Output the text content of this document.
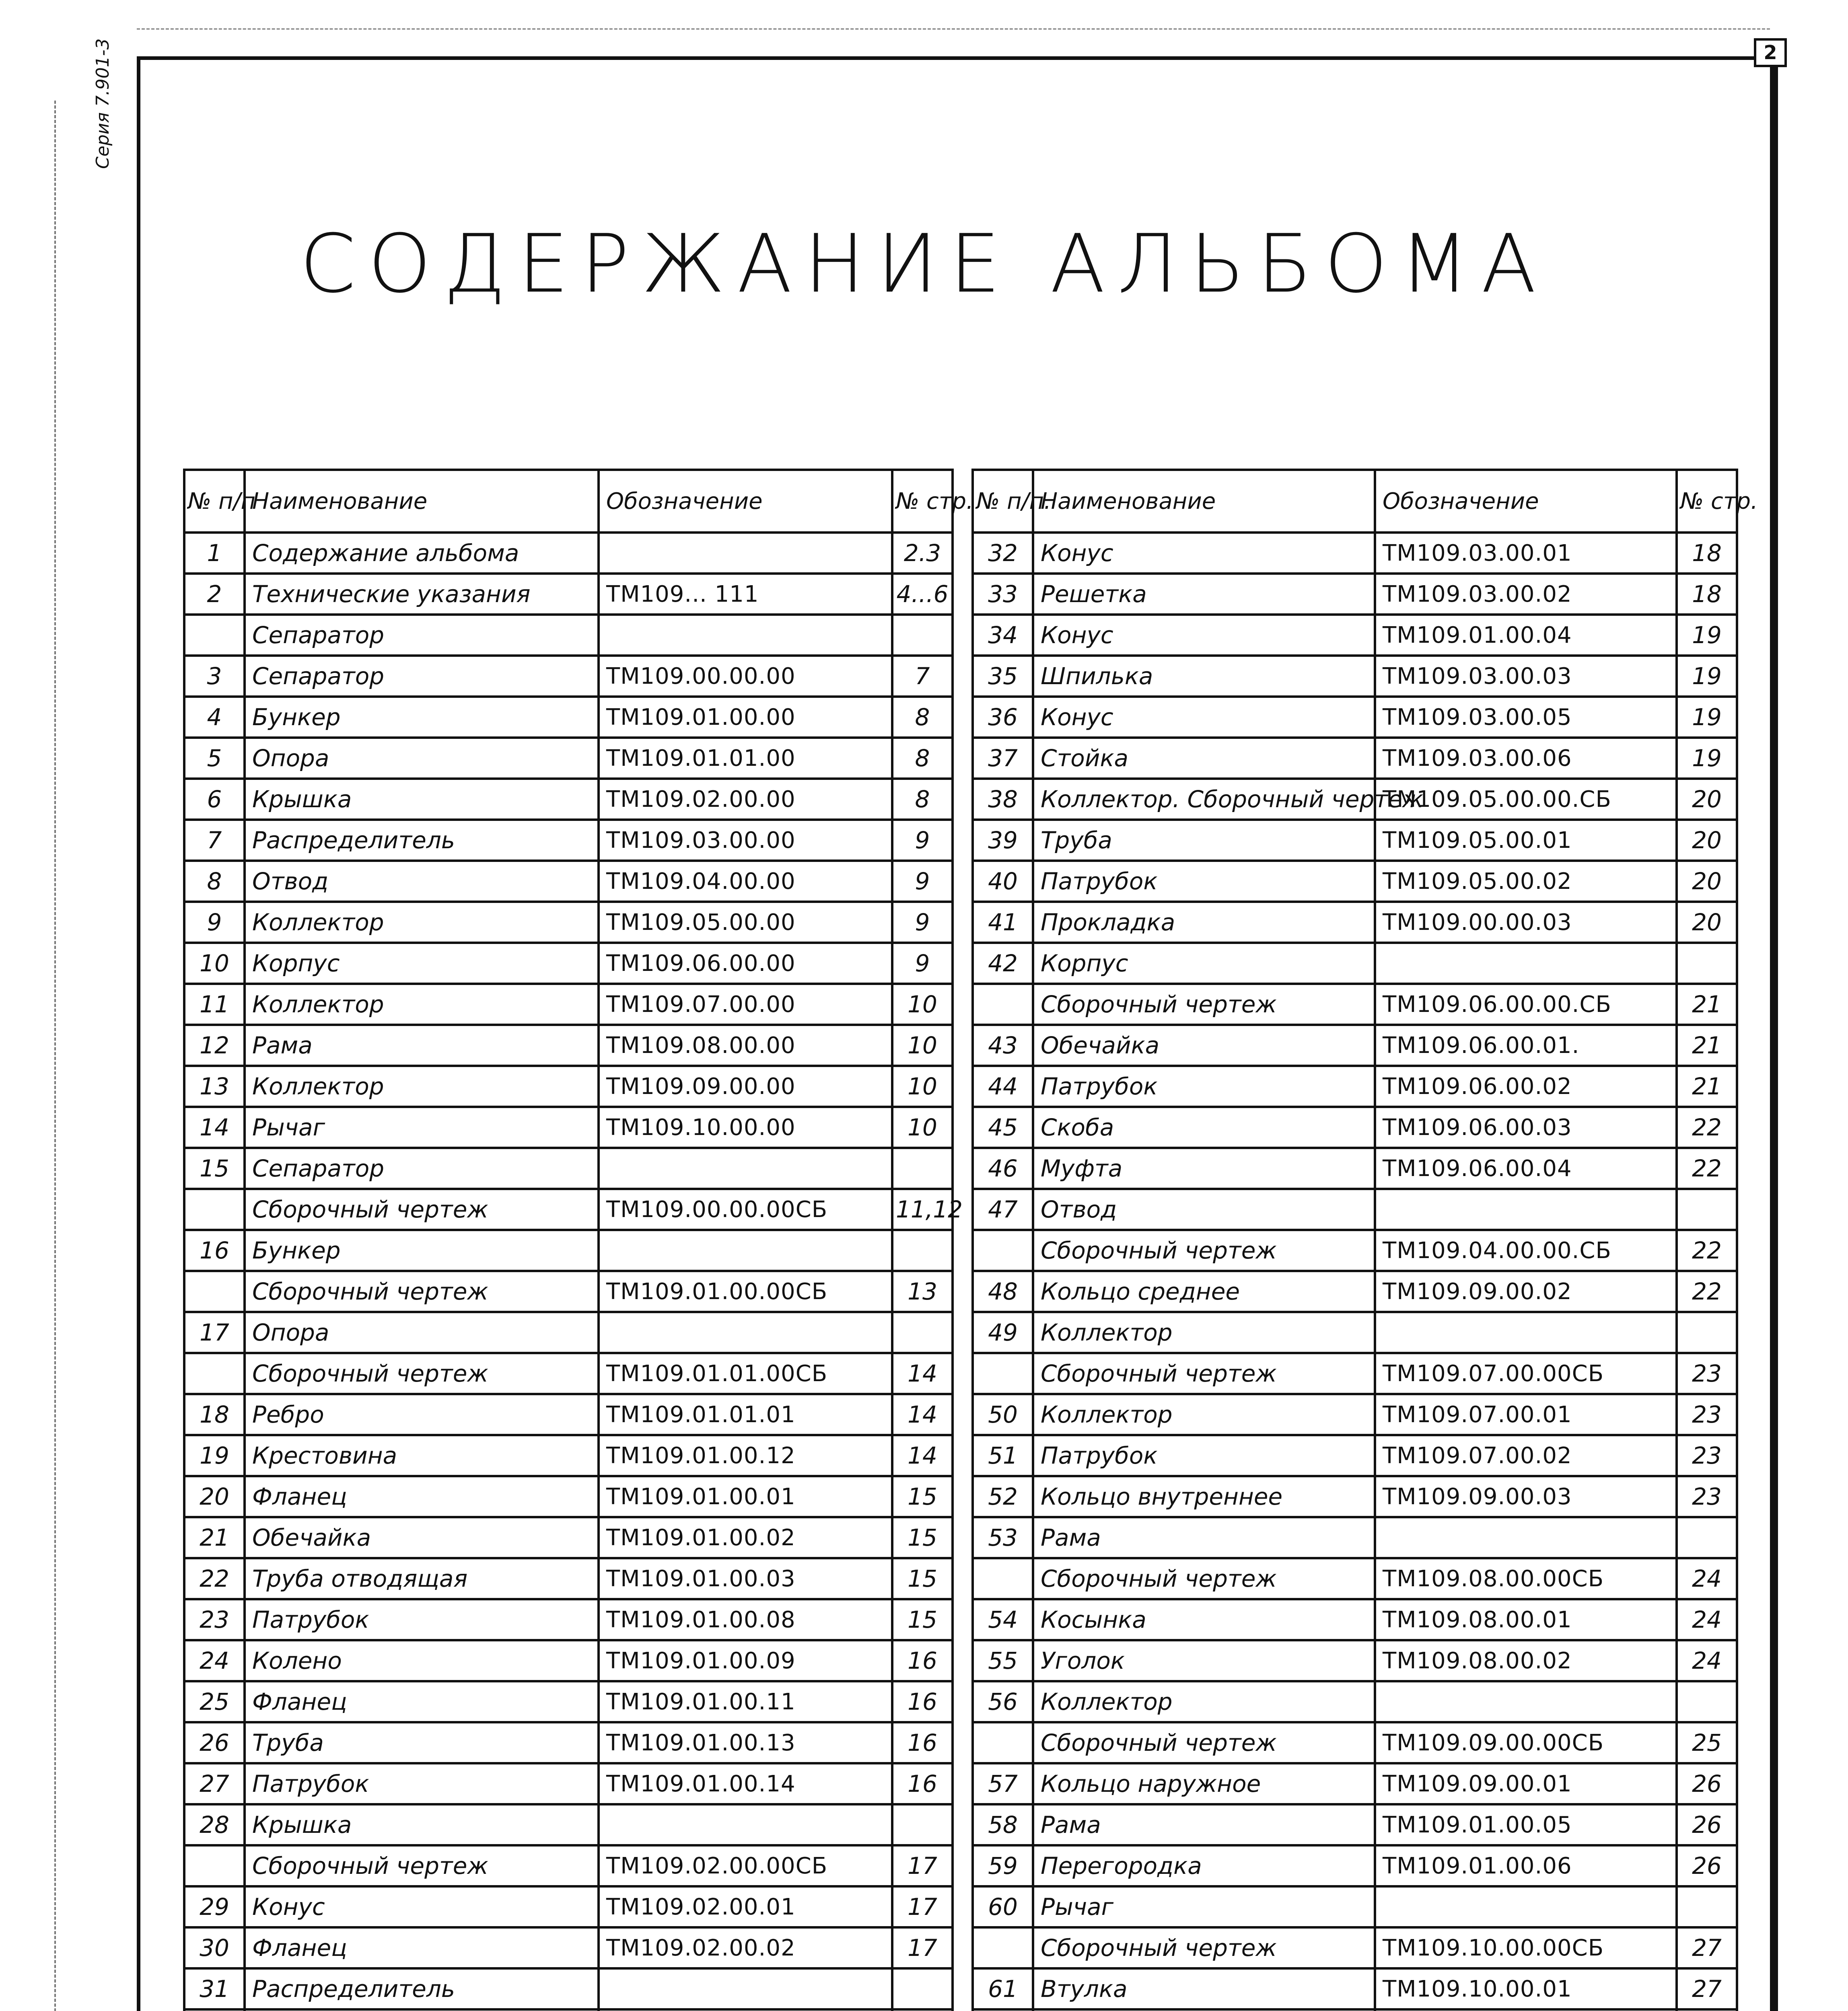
2
Серия 7.901-3
СОДЕРЖАНИЕ АЛЬБОМА
№ п/п	Наименование	Обозначение	№ стр.
1	Содержание альбома		2.3
2	Технические указания	ТМ109... 111	4...6
	Сепаратор		
3	Сепаратор	ТМ109.00.00.00	7
4	Бункер	ТМ109.01.00.00	8
5	Опора	ТМ109.01.01.00	8
6	Крышка	ТМ109.02.00.00	8
7	Распределитель	ТМ109.03.00.00	9
8	Отвод	ТМ109.04.00.00	9
9	Коллектор	ТМ109.05.00.00	9
10	Корпус	ТМ109.06.00.00	9
11	Коллектор	ТМ109.07.00.00	10
12	Рама	ТМ109.08.00.00	10
13	Коллектор	ТМ109.09.00.00	10
14	Рычаг	ТМ109.10.00.00	10
15	Сепаратор		
	Сборочный чертеж	ТМ109.00.00.00СБ	11,12
16	Бункер		
	Сборочный чертеж	ТМ109.01.00.00СБ	13
17	Опора		
	Сборочный чертеж	ТМ109.01.01.00СБ	14
18	Ребро	ТМ109.01.01.01	14
19	Крестовина	ТМ109.01.00.12	14
20	Фланец	ТМ109.01.00.01	15
21	Обечайка	ТМ109.01.00.02	15
22	Труба отводящая	ТМ109.01.00.03	15
23	Патрубок	ТМ109.01.00.08	15
24	Колено	ТМ109.01.00.09	16
25	Фланец	ТМ109.01.00.11	16
26	Труба	ТМ109.01.00.13	16
27	Патрубок	ТМ109.01.00.14	16
28	Крышка		
	Сборочный чертеж	ТМ109.02.00.00СБ	17
29	Конус	ТМ109.02.00.01	17
30	Фланец	ТМ109.02.00.02	17
31	Распределитель		

№ п/п.	Наименование	Обозначение	№ стр.
32	Конус	ТМ109.03.00.01	18
33	Решетка	ТМ109.03.00.02	18
34	Конус	ТМ109.01.00.04	19
35	Шпилька	ТМ109.03.00.03	19
36	Конус	ТМ109.03.00.05	19
37	Стойка	ТМ109.03.00.06	19
38	Коллектор. Сборочный чертеж	ТМ109.05.00.00.СБ	20
39	Труба	ТМ109.05.00.01	20
40	Патрубок	ТМ109.05.00.02	20
41	Прокладка	ТМ109.00.00.03	20
42	Корпус		
	Сборочный чертеж	ТМ109.06.00.00.СБ	21
43	Обечайка	ТМ109.06.00.01.	21
44	Патрубок	ТМ109.06.00.02	21
45	Скоба	ТМ109.06.00.03	22
46	Муфта	ТМ109.06.00.04	22
47	Отвод		
	Сборочный чертеж	ТМ109.04.00.00.СБ	22
48	Кольцо среднее	ТМ109.09.00.02	22
49	Коллектор		
	Сборочный чертеж	ТМ109.07.00.00СБ	23
50	Коллектор	ТМ109.07.00.01	23
51	Патрубок	ТМ109.07.00.02	23
52	Кольцо внутреннее	ТМ109.09.00.03	23
53	Рама		
	Сборочный чертеж	ТМ109.08.00.00СБ	24
54	Косынка	ТМ109.08.00.01	24
55	Уголок	ТМ109.08.00.02	24
56	Коллектор		
	Сборочный чертеж	ТМ109.09.00.00СБ	25
57	Кольцо наружное	ТМ109.09.00.01	26
58	Рама	ТМ109.01.00.05	26
59	Перегородка	ТМ109.01.00.06	26
60	Рычаг		
	Сборочный чертеж	ТМ109.10.00.00СБ	27
61	Втулка	ТМ109.10.00.01	27
